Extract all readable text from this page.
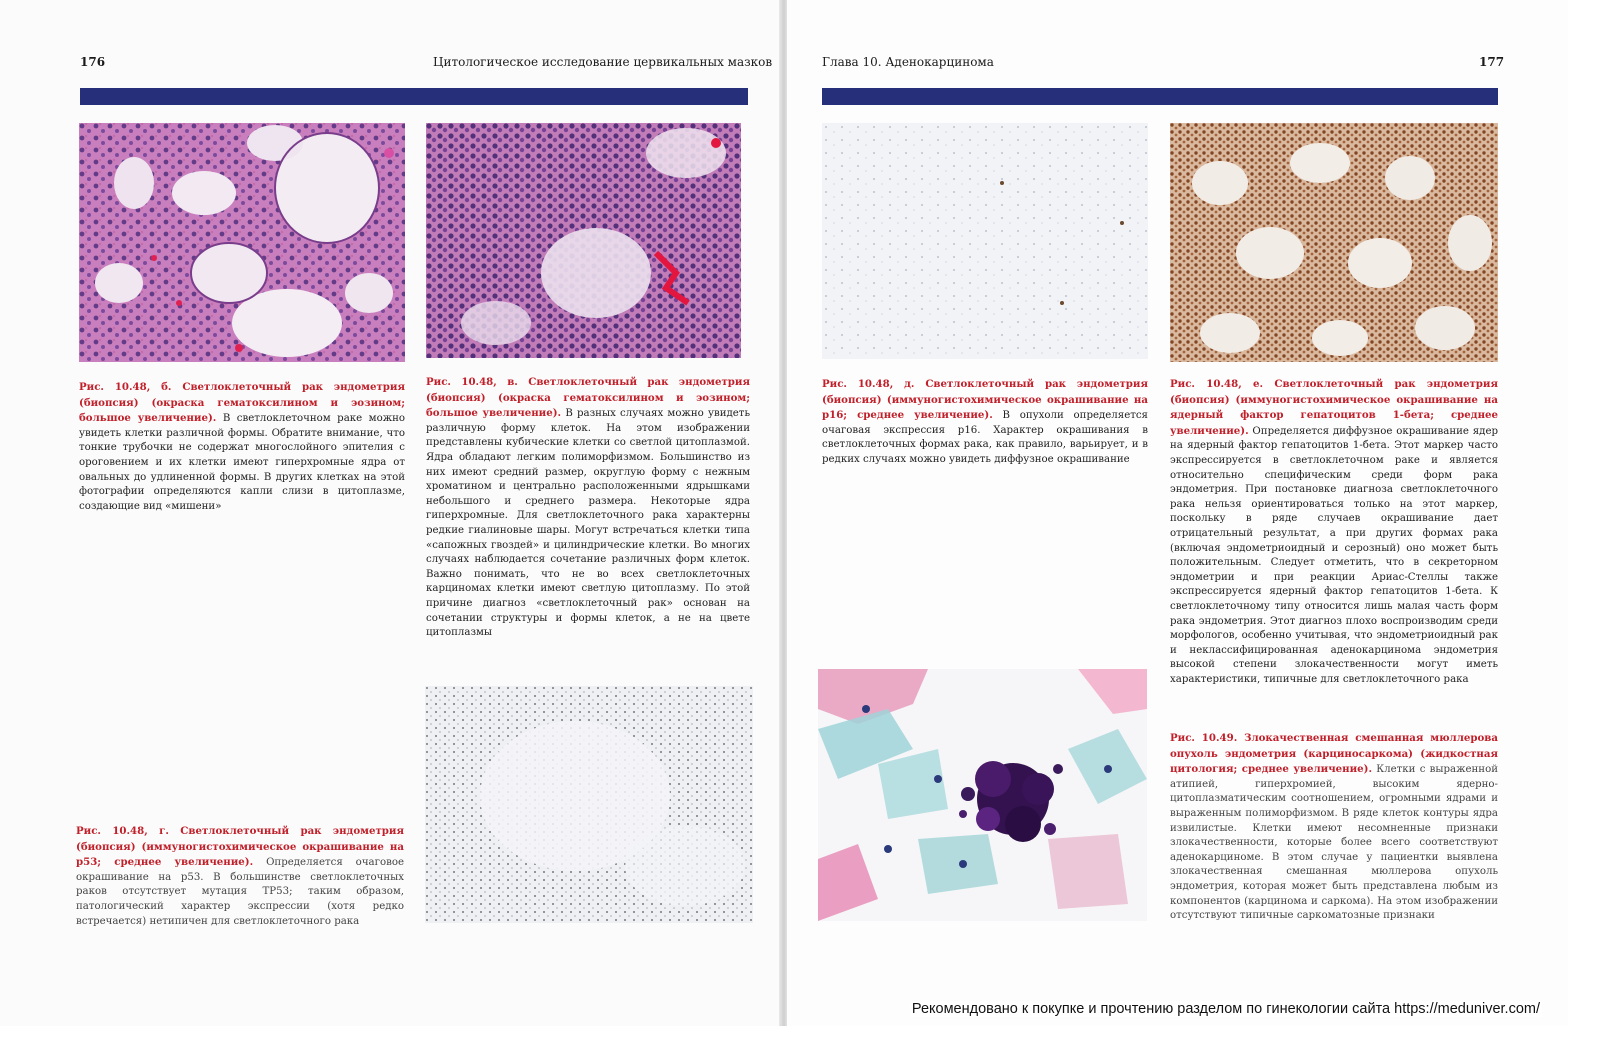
176	Цитологическое исследование цервикальных мазков
Рис. 10.48, б. Светлоклеточный рак эндометрия (биопсия) (окраска гематоксилином и эозином; большое увеличение). В светлоклеточном раке можно увидеть клетки различной формы. Обратите внимание, что тонкие трубочки не содержат многослойного эпителия с ороговением и их клетки имеют гиперхромные ядра от овальных до удлиненной формы. В других клетках на этой фотографии определяются капли слизи в цитоплазме, создающие вид «мишени»
Рис. 10.48, в. Светлоклеточный рак эндометрия (биопсия) (окраска гематоксилином и эозином; большое увеличение). В разных случаях можно увидеть различную форму клеток. На этом изображении представлены кубические клетки со светлой цитоплазмой. Ядра обладают легким полиморфизмом. Большинство из них имеют средний размер, округлую форму с нежным хроматином и центрально расположенными ядрышками небольшого и среднего размера. Некоторые ядра гиперхромные. Для светлоклеточного рака характерны редкие гиалиновые шары. Могут встречаться клетки типа «сапожных гвоздей» и цилиндрические клетки. Во многих случаях наблюдается сочетание различных форм клеток. Важно понимать, что не во всех светлоклеточных карциномах клетки имеют светлую цитоплазму. По этой причине диагноз «светлоклеточный рак» основан на сочетании структуры и формы клеток, а не на цвете цитоплазмы
Рис. 10.48, г. Светлоклеточный рак эндометрия (биопсия) (иммуногистохимическое окрашивание на p53; среднее увеличение). Определяется очаговое окрашивание на p53. В большинстве светлоклеточных раков отсутствует мутация TP53; таким образом, патологический характер экспрессии (хотя редко встречается) нетипичен для светлоклеточного рака
Глава 10. Аденокарцинома	177
Рис. 10.48, д. Светлоклеточный рак эндометрия (биопсия) (иммуногистохимическое окрашивание на p16; среднее увеличение). В опухоли определяется очаговая экспрессия p16. Характер окрашивания в светлоклеточных формах рака, как правило, варьирует, и в редких случаях можно увидеть диффузное окрашивание
Рис. 10.48, е. Светлоклеточный рак эндометрия (биопсия) (иммуногистохимическое окрашивание на ядерный фактор гепатоцитов 1-бета; среднее увеличение). Определяется диффузное окрашивание ядер на ядерный фактор гепатоцитов 1-бета. Этот маркер часто экспрессируется в светлоклеточном раке и является относительно специфическим среди форм рака эндометрия. При постановке диагноза светлоклеточного рака нельзя ориентироваться только на этот маркер, поскольку в ряде случаев окрашивание дает отрицательный результат, а при других формах рака (включая эндометриоидный и серозный) оно может быть положительным. Следует отметить, что в секреторном эндометрии и при реакции Ариас-Стеллы также экспрессируется ядерный фактор гепатоцитов 1-бета. К светлоклеточному типу относится лишь малая часть форм рака эндометрия. Этот диагноз плохо воспроизводим среди морфологов, особенно учитывая, что эндометриоидный рак и неклассифицированная аденокарцинома эндометрия высокой степени злокачественности могут иметь характеристики, типичные для светлоклеточного рака
Рис. 10.49. Злокачественная смешанная мюллерова опухоль эндометрия (карциносаркома) (жидкостная цитология; среднее увеличение). Клетки с выраженной атипией, гиперхромией, высоким ядерно-цитоплазматическим соотношением, огромными ядрами и выраженным полиморфизмом. В ряде клеток контуры ядра извилистые. Клетки имеют несомненные признаки злокачественности, которые более всего соответствуют аденокарциноме. В этом случае у пациентки выявлена злокачественная смешанная мюллерова опухоль эндометрия, которая может быть представлена любым из компонентов (карцинома и саркома). На этом изображении отсутствуют типичные саркоматозные признаки
Рекомендовано к покупке и прочтению разделом по гинекологии сайта https://meduniver.com/
